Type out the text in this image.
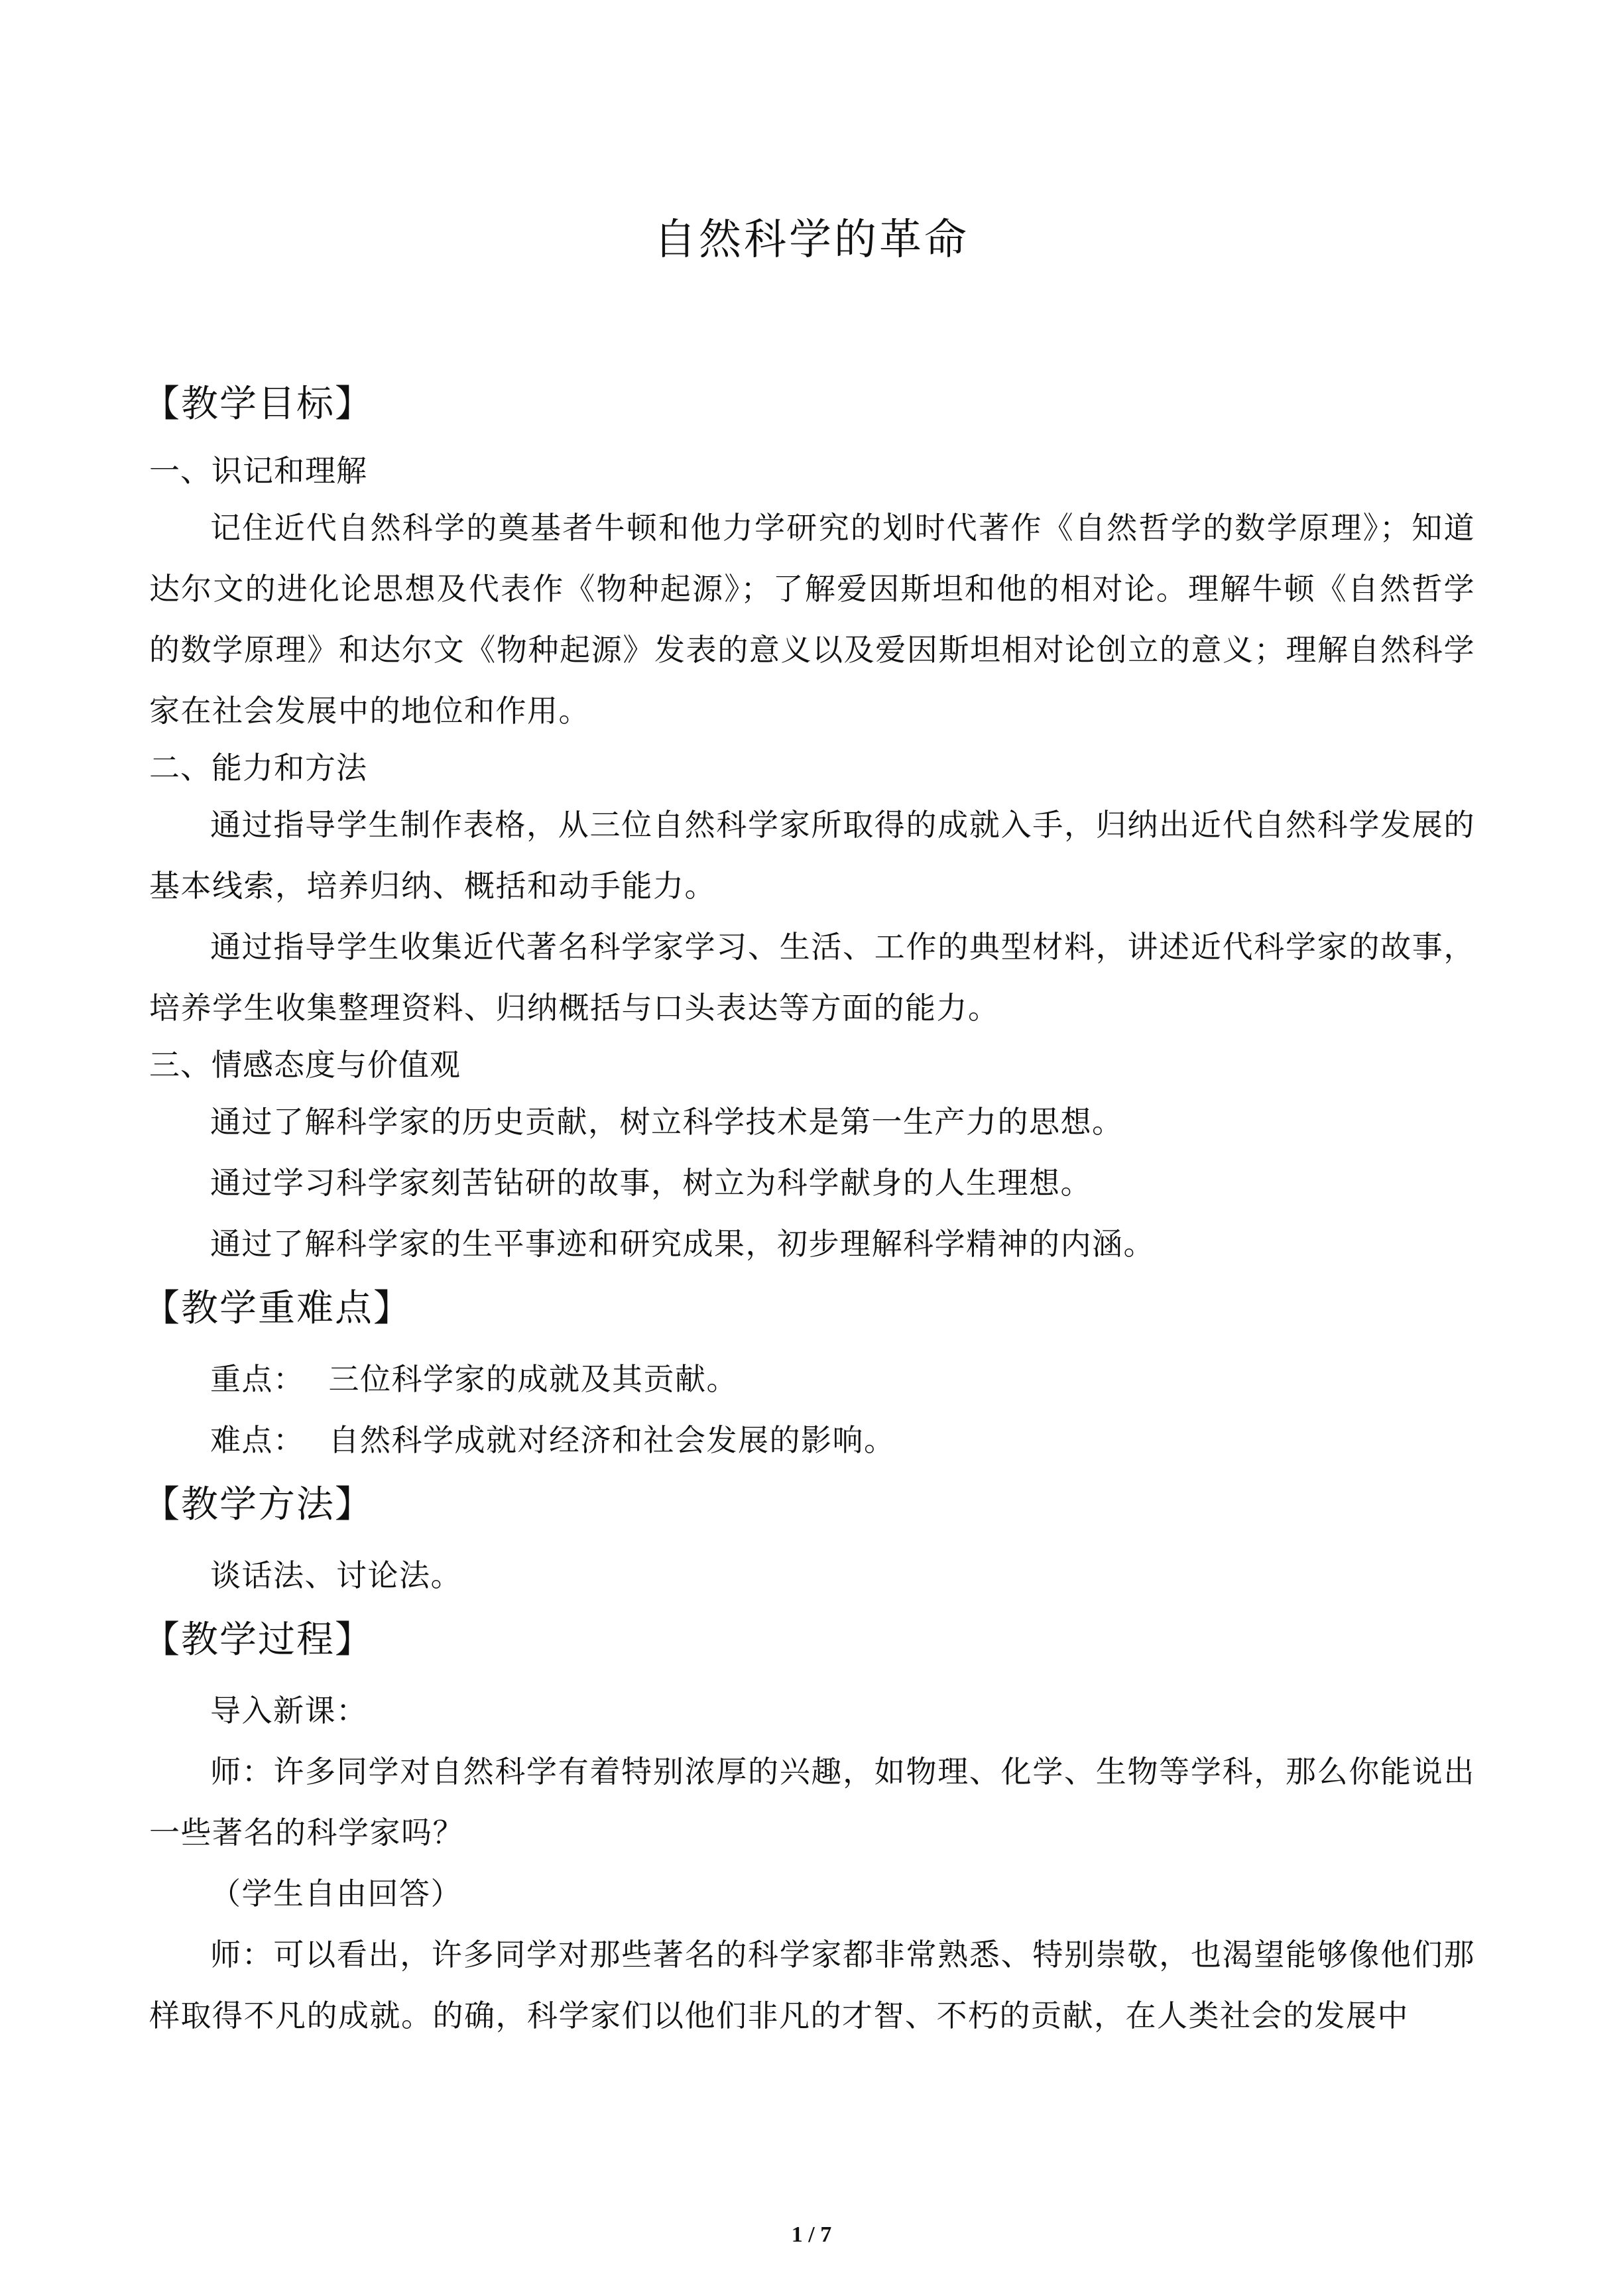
自然科学的革命
【教学目标】

一、识记和理解

记住近代自然科学的奠基者牛顿和他力学研究的划时代著作《自然哲学的数学原理》；知道达尔文的进化论思想及代表作《物种起源》；了解爱因斯坦和他的相对论。理解牛顿《自然哲学的数学原理》和达尔文《物种起源》发表的意义以及爱因斯坦相对论创立的意义；理解自然科学家在社会发展中的地位和作用。

二、能力和方法

通过指导学生制作表格，从三位自然科学家所取得的成就入手，归纳出近代自然科学发展的基本线索，培养归纳、概括和动手能力。

通过指导学生收集近代著名科学家学习、生活、工作的典型材料，讲述近代科学家的故事，培养学生收集整理资料、归纳概括与口头表达等方面的能力。

三、情感态度与价值观

通过了解科学家的历史贡献，树立科学技术是第一生产力的思想。

通过学习科学家刻苦钻研的故事，树立为科学献身的人生理想。

通过了解科学家的生平事迹和研究成果，初步理解科学精神的内涵。

【教学重难点】

重点： 三位科学家的成就及其贡献。

难点： 自然科学成就对经济和社会发展的影响。

【教学方法】

谈话法、讨论法。

【教学过程】

导入新课：

师：许多同学对自然科学有着特别浓厚的兴趣，如物理、化学、生物等学科，那么你能说出一些著名的科学家吗？

（学生自由回答）

师：可以看出，许多同学对那些著名的科学家都非常熟悉、特别崇敬，也渴望能够像他们那样取得不凡的成就。的确，科学家们以他们非凡的才智、不朽的贡献，在人类社会的发展中

1 / 7
